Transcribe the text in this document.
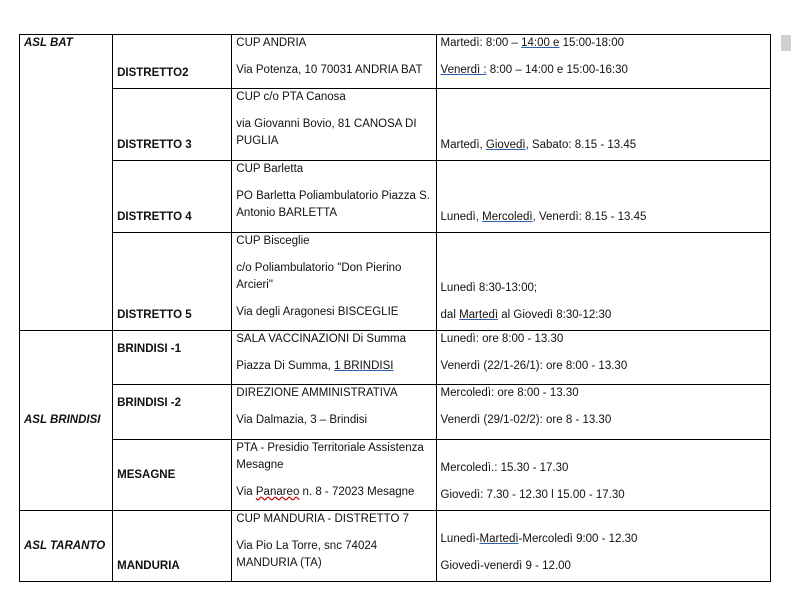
ASL BAT	DISTRETTO2	CUP ANDRIA
Via Potenza, 10 70031 ANDRIA BAT	Martedì: 8:00 – 14:00 e 15:00-18:00
Venerdì : 8:00 – 14:00 e 15:00-16:30

	DISTRETTO 3	CUP c/o PTA Canosa
via Giovanni Bovio, 81 CANOSA DI PUGLIA	Martedì, Giovedì, Sabato: 8.15 - 13.45
	DISTRETTO 4	CUP Barletta
PO Barletta Poliambulatorio Piazza S. Antonio BARLETTA	Lunedì, Mercoledì, Venerdì: 8.15 - 13.45
	DISTRETTO 5	CUP Bisceglie
c/o Poliambulatorio "Don Pierino Arcieri"
Via degli Aragonesi BISCEGLIE	Lunedì 8:30-13:00;
dal Martedì al Giovedì 8:30-12:30

ASL BRINDISI	BRINDISI -1	SALA VACCINAZIONI Di Summa
Piazza Di Summa, 1 BRINDISI	Lunedì: ore 8:00 - 13.30
Venerdì (22/1-26/1): ore 8:00 - 13.30

	BRINDISI -2	DIREZIONE AMMINISTRATIVA
Via Dalmazia, 3 – Brindisi	Mercoledì: ore 8:00 - 13.30
Venerdì (29/1-02/2): ore 8 - 13.30

	MESAGNE	PTA - Presidio Territoriale Assistenza Mesagne
Via Panareo n. 8 - 72023 Mesagne	Mercoledì.: 15.30 - 17.30
Giovedì: 7.30 - 12.30 l 15.00 - 17.30

ASL TARANTO	MANDURIA	CUP MANDURIA - DISTRETTO 7
Via Pio La Torre, snc 74024 MANDURIA (TA)	Lunedì-Martedì-Mercoledì 9:00 - 12.30
Giovedì-venerdì 9 - 12.00
